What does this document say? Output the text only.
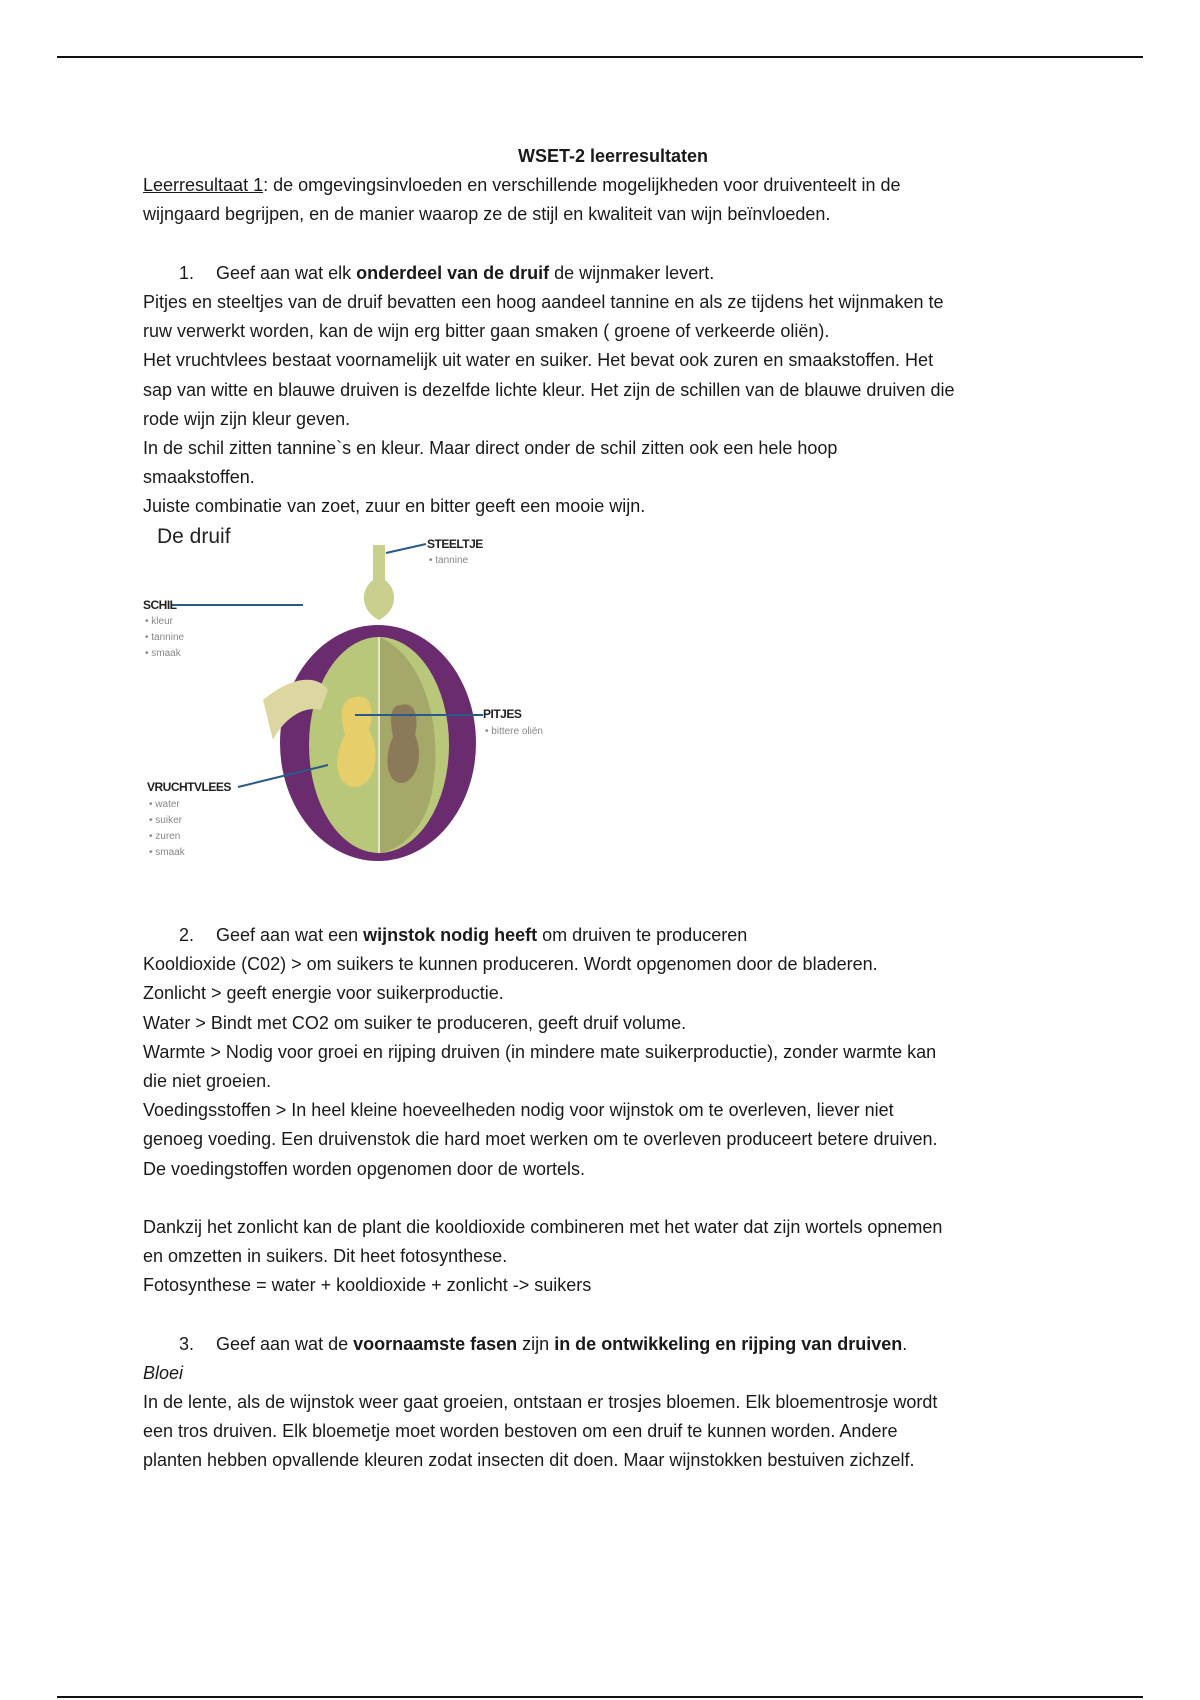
WSET-2 leerresultaten
Leerresultaat 1: de omgevingsinvloeden en verschillende mogelijkheden voor druiventeelt in de
wijngaard begrijpen, en de manier waarop ze de stijl en kwaliteit van wijn beïnvloeden.
1. Geef aan wat elk onderdeel van de druif de wijnmaker levert.
Pitjes en steeltjes van de druif bevatten een hoog aandeel tannine en als ze tijdens het wijnmaken te
ruw verwerkt worden, kan de wijn erg bitter gaan smaken ( groene of verkeerde oliën).
Het vruchtvlees bestaat voornamelijk uit water en suiker. Het bevat ook zuren en smaakstoffen. Het
sap van witte en blauwe druiven is dezelfde lichte kleur. Het zijn de schillen van de blauwe druiven die
rode wijn zijn kleur geven.
In de schil zitten tannine`s en kleur. Maar direct onder de schil zitten ook een hele hoop
smaakstoffen.
Juiste combinatie van zoet, zuur en bitter geeft een mooie wijn.
De druif	STEELTJE
• tannine
SCHIL
• kleur
• tannine
• smaak
PITJES
• bittere oliën
VRUCHTVLEES
• water
• suiker
• zuren
• smaak
2. Geef aan wat een wijnstok nodig heeft om druiven te produceren
Kooldioxide (C02) > om suikers te kunnen produceren. Wordt opgenomen door de bladeren.
Zonlicht > geeft energie voor suikerproductie.
Water > Bindt met CO2 om suiker te produceren, geeft druif volume.
Warmte > Nodig voor groei en rijping druiven (in mindere mate suikerproductie), zonder warmte kan
die niet groeien.
Voedingsstoffen > In heel kleine hoeveelheden nodig voor wijnstok om te overleven, liever niet
genoeg voeding. Een druivenstok die hard moet werken om te overleven produceert betere druiven.
De voedingstoffen worden opgenomen door de wortels.
Dankzij het zonlicht kan de plant die kooldioxide combineren met het water dat zijn wortels opnemen
en omzetten in suikers. Dit heet fotosynthese.
Fotosynthese = water + kooldioxide + zonlicht -> suikers
3. Geef aan wat de voornaamste fasen zijn in de ontwikkeling en rijping van druiven.
Bloei
In de lente, als de wijnstok weer gaat groeien, ontstaan er trosjes bloemen. Elk bloementrosje wordt
een tros druiven. Elk bloemetje moet worden bestoven om een druif te kunnen worden. Andere
planten hebben opvallende kleuren zodat insecten dit doen. Maar wijnstokken bestuiven zichzelf.
